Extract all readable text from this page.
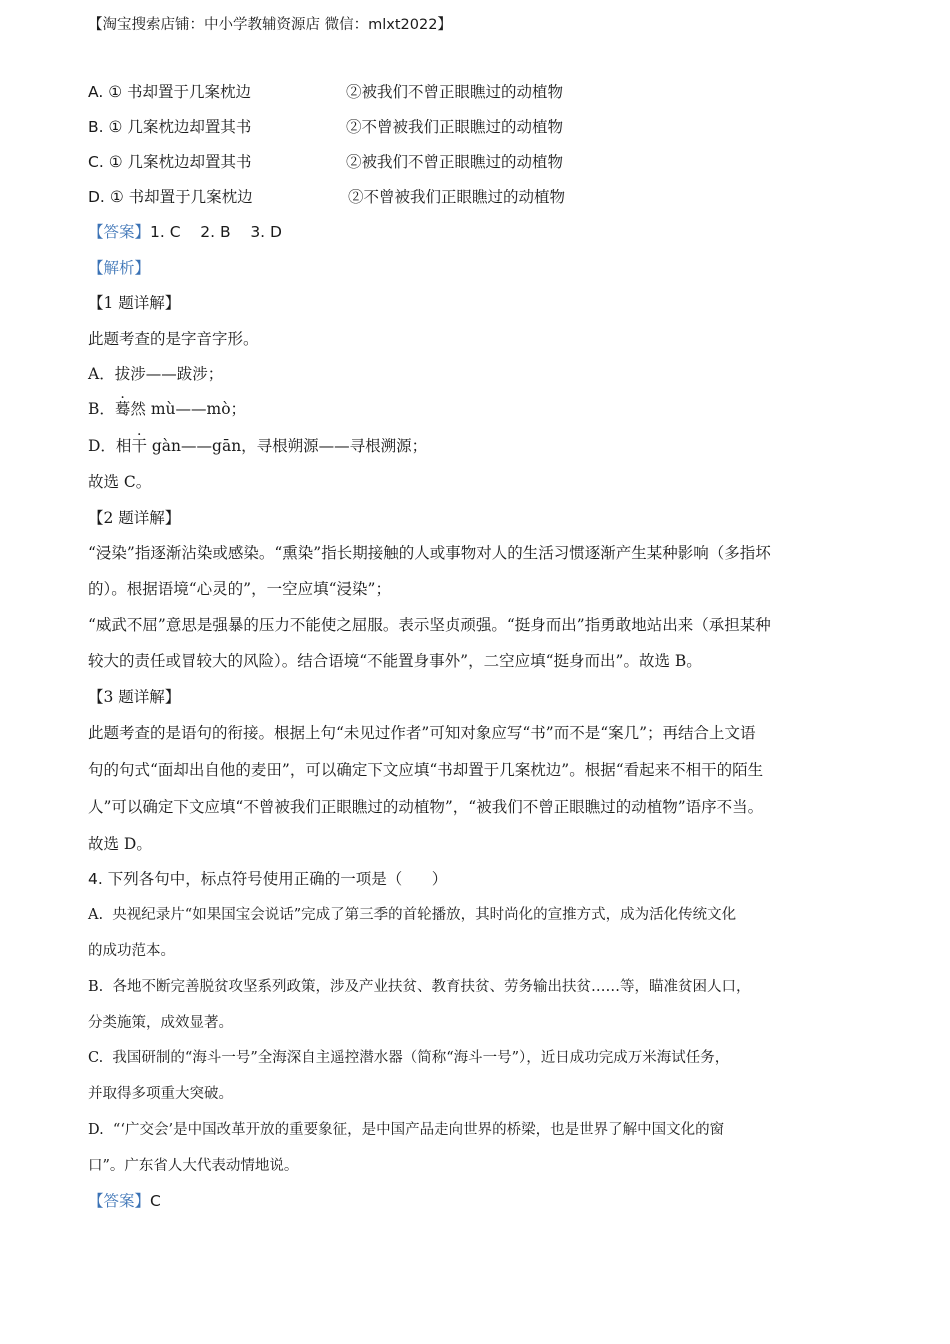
【淘宝搜索店铺：中小学教辅资源店 微信：mlxt2022】
A. ① 书却置于几案枕边	②被我们不曾正眼瞧过的动植物
B. ① 几案枕边却置其书	②不曾被我们正眼瞧过的动植物
C. ① 几案枕边却置其书	②被我们不曾正眼瞧过的动植物
D. ① 书却置于几案枕边	②不曾被我们正眼瞧过的动植物
【答案】1. C    2. B    3. D
【解析】
【1 题详解】
此题考查的是字音字形。
A．拔涉——跋涉；
B．蓦然 mù——mò；
D．相干 gàn——gān，寻根朔源——寻根溯源；
故选 C。
【2 题详解】
“浸染”指逐渐沾染或感染。“熏染”指长期接触的人或事物对人的生活习惯逐渐产生某种影响（多指坏
的）。根据语境“心灵的”，一空应填“浸染”；
“威武不屈”意思是强暴的压力不能使之屈服。表示坚贞顽强。“挺身而出”指勇敢地站出来（承担某种
较大的责任或冒较大的风险）。结合语境“不能置身事外”，二空应填“挺身而出”。故选 B。
【3 题详解】
此题考查的是语句的衔接。根据上句“未见过作者”可知对象应写“书”而不是“案几”；再结合上文语
句的句式“面却出自他的麦田”，可以确定下文应填“书却置于几案枕边”。根据“看起来不相干的陌生
人”可以确定下文应填“不曾被我们正眼瞧过的动植物”，“被我们不曾正眼瞧过的动植物”语序不当。
故选 D。
4. 下列各句中，标点符号使用正确的一项是（      ）
A.  央视纪录片“如果国宝会说话”完成了第三季的首轮播放，其时尚化的宣推方式，成为活化传统文化
的成功范本。
B.  各地不断完善脱贫攻坚系列政策，涉及产业扶贫、教育扶贫、劳务输出扶贫……等，瞄准贫困人口，
分类施策，成效显著。
C.  我国研制的“海斗一号”全海深自主遥控潜水器（简称“海斗一号”），近日成功完成万米海试任务，
并取得多项重大突破。
D.  “‘广交会’是中国改革开放的重要象征，是中国产品走向世界的桥梁，也是世界了解中国文化的窗
口”。广东省人大代表动情地说。
【答案】C
